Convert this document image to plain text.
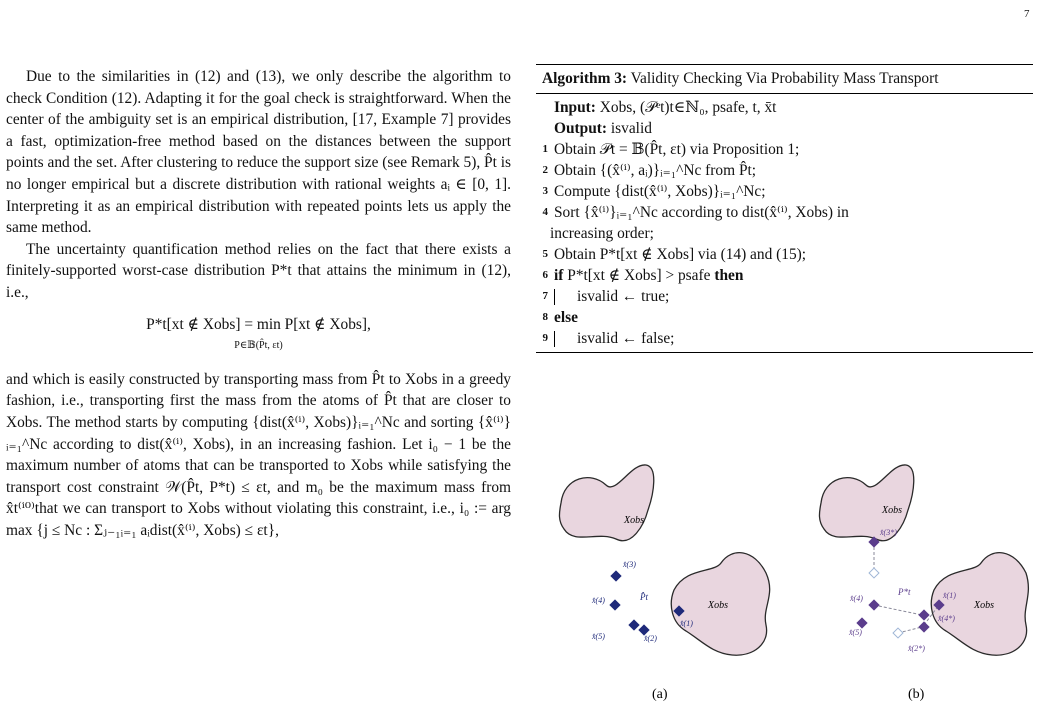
7

Due to the similarities in (12) and (13), we only describe the algorithm to check Condition (12). Adapting it for the goal check is straightforward. When the center of the ambiguity set is an empirical distribution, [17, Example 7] provides a fast, optimization-free method based on the distances between the support points and the set. After clustering to reduce the support size (see Remark 5), P̂t is no longer empirical but a discrete distribution with rational weights aᵢ ∈ [0, 1]. Interpreting it as an empirical distribution with repeated points lets us apply the same method.

The uncertainty quantification method relies on the fact that there exists a finitely-supported worst-case distribution P*t that attains the minimum in (12), i.e.,

P*t[xt ∉ Xobs] = min P[xt ∉ Xobs],
P∈𝔹(P̂t, εt)

and which is easily constructed by transporting mass from P̂t to Xobs in a greedy fashion, i.e., transporting first the mass from the atoms of P̂t that are closer to Xobs. The method starts by computing {dist(x̂⁽ⁱ⁾, Xobs)}ᵢ₌₁^Nc and sorting {x̂⁽ⁱ⁾}ᵢ₌₁^Nc according to dist(x̂⁽ⁱ⁾, Xobs), in an increasing fashion. Let i₀ − 1 be the maximum number of atoms that can be transported to Xobs while satisfying the transport cost constraint 𝒲(P̂t, P*t) ≤ εt, and m₀ be the maximum mass from x̂t⁽ⁱ⁰⁾that we can transport to Xobs without violating this constraint, i.e., i₀ := arg max {j ≤ Nc : Σⱼ₋₁ᵢ₌₁ aᵢdist(x̂⁽ⁱ⁾, Xobs) ≤ εt},

Algorithm 3: Validity Checking Via Probability Mass Transport
Input: Xobs, (𝒫ᵉt)t∈ℕ₀, psafe, t, x̄t
Output: isvalid
1 Obtain 𝒫t = 𝔹(P̂t, εt) via Proposition 1;
2 Obtain {(x̂⁽ⁱ⁾, aᵢ)}ᵢ₌₁^Nc from P̂t;
3 Compute {dist(x̂⁽ⁱ⁾, Xobs)}ᵢ₌₁^Nc;
4 Sort {x̂⁽ⁱ⁾}ᵢ₌₁^Nc according to dist(x̂⁽ⁱ⁾, Xobs) in
increasing order;
5 Obtain P*t[xt ∉ Xobs] via (14) and (15);
6 if P*t[xt ∉ Xobs] > psafe then
7 isvalid ← true;
8 else
9 isvalid ← false;
Xobs
Xobs
P̂t
x̂(1)
x̂(2)
x̂(3)
x̂(4)
x̂(5)
(a)
Xobs
Xobs
P*t	x̂(1)
x̂(2*)
x̂(3*)
x̂(4)
x̂(4*)
x̂(5)
(b)
